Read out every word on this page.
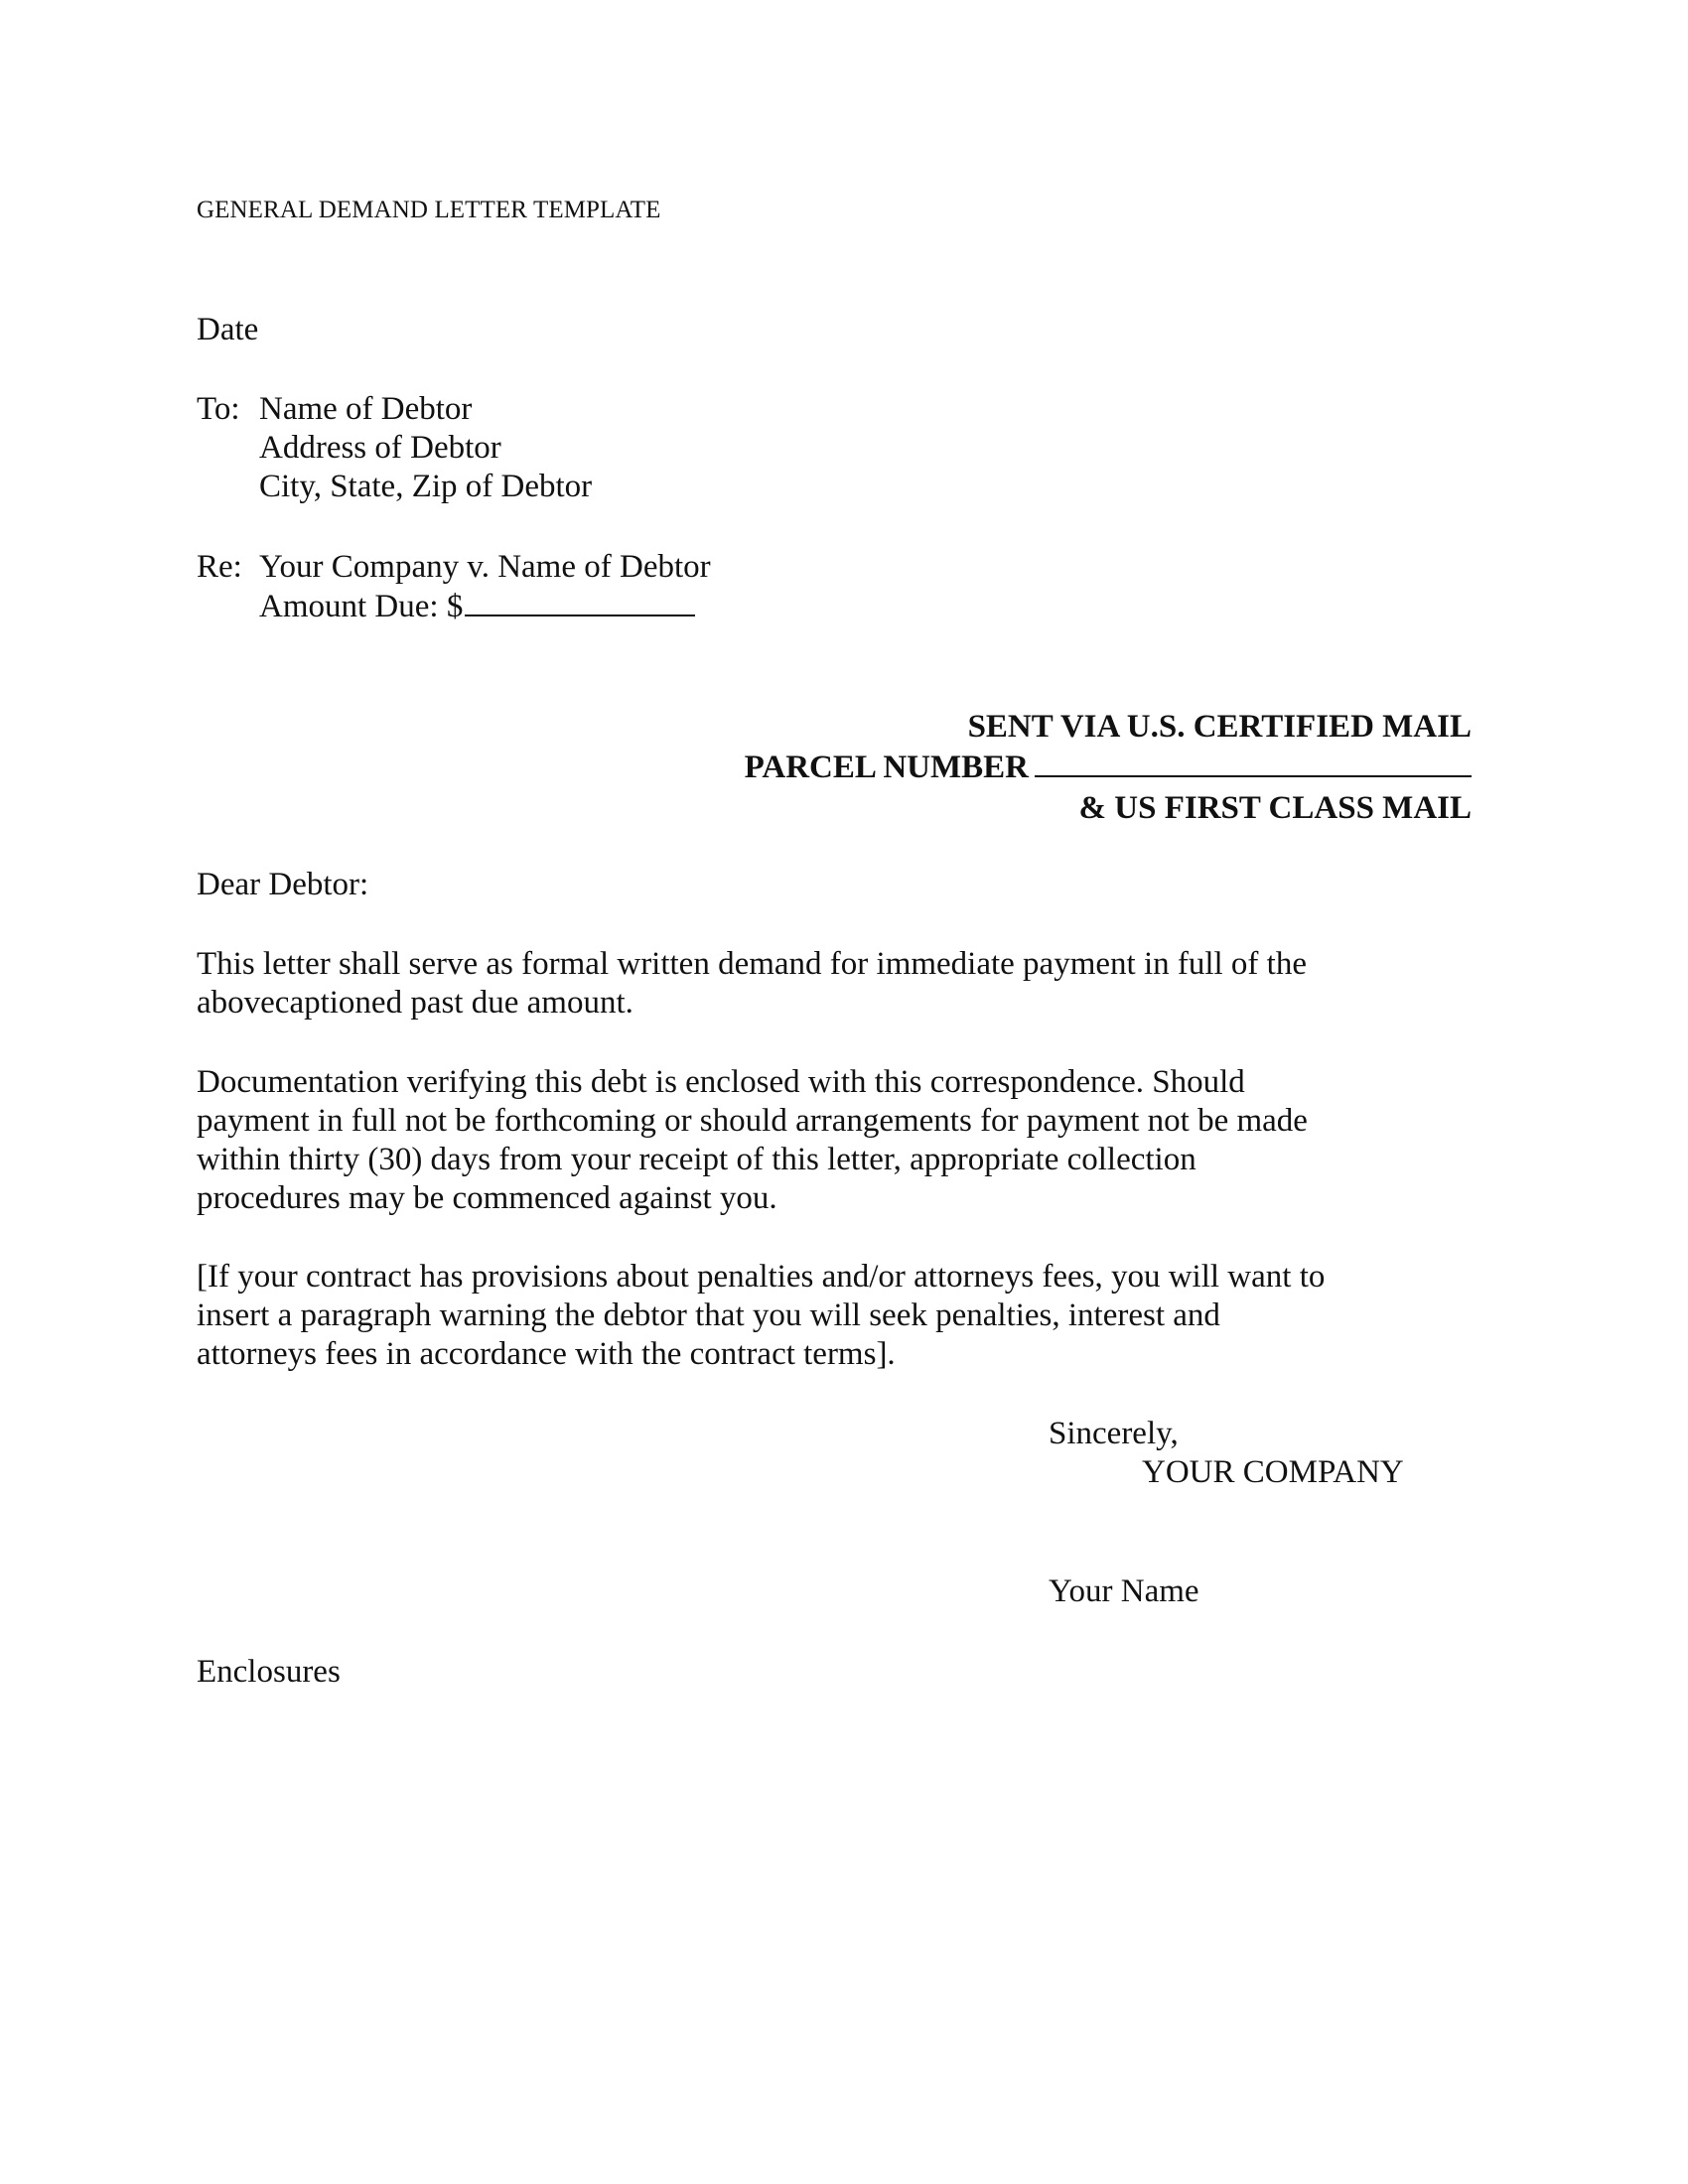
GENERAL DEMAND LETTER TEMPLATE
Date
To: Name of Debtor
Address of Debtor
City, State, Zip of Debtor
Re: Your Company v. Name of Debtor
Amount Due: $
SENT VIA U.S. CERTIFIED MAIL
PARCEL NUMBER
& US FIRST CLASS MAIL
Dear Debtor:
This letter shall serve as formal written demand for immediate payment in full of the
abovecaptioned past due amount.
Documentation verifying this debt is enclosed with this correspondence. Should
payment in full not be forthcoming or should arrangements for payment not be made
within thirty (30) days from your receipt of this letter, appropriate collection
procedures may be commenced against you.
[If your contract has provisions about penalties and/or attorneys fees, you will want to
insert a paragraph warning the debtor that you will seek penalties, interest and
attorneys fees in accordance with the contract terms].
Sincerely,
YOUR COMPANY
Your Name
Enclosures
